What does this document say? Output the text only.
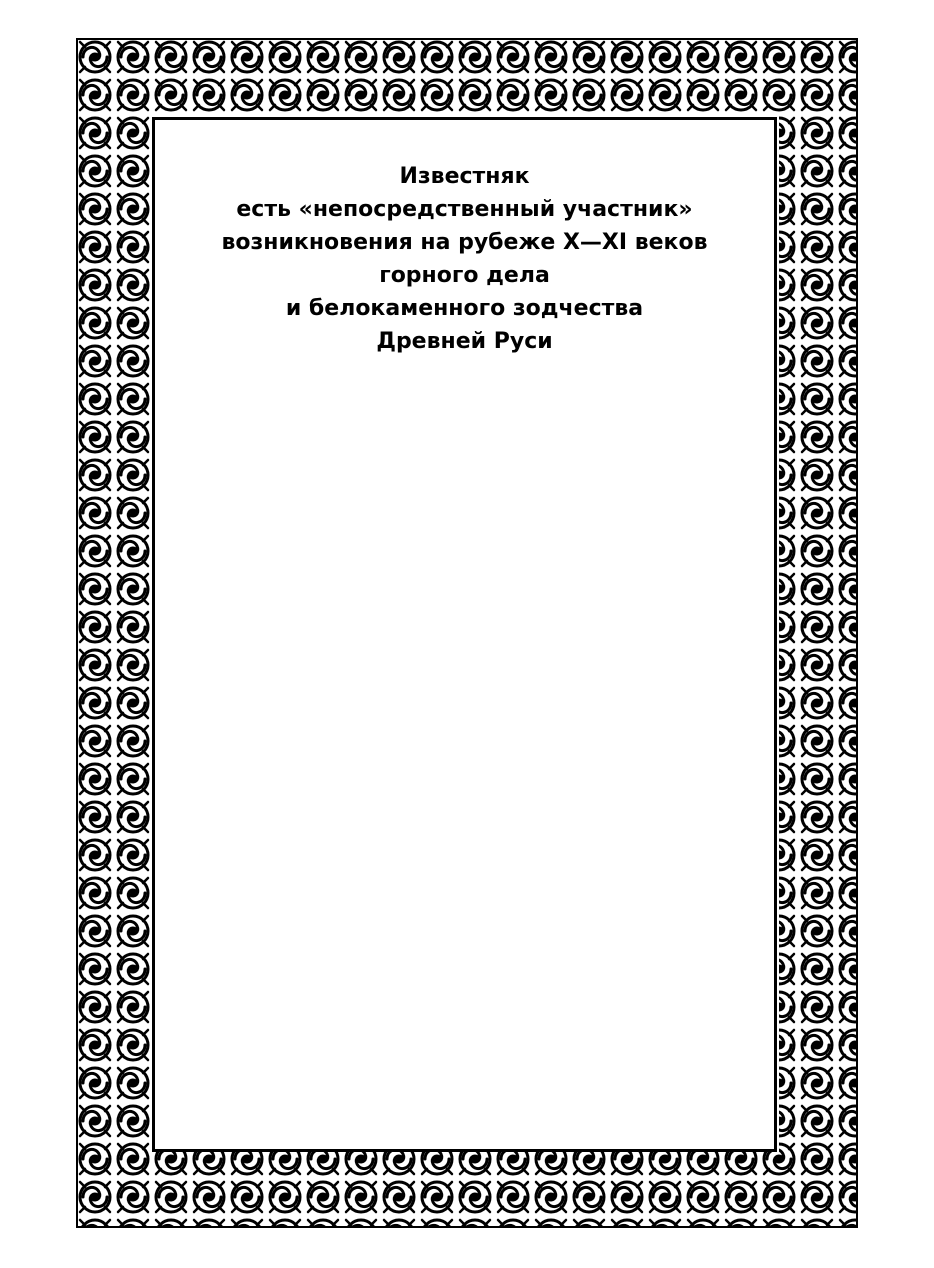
Известняк
есть «непосредственный участник»
возникновения на рубеже X—XI веков
горного дела
и белокаменного зодчества
Древней Руси
